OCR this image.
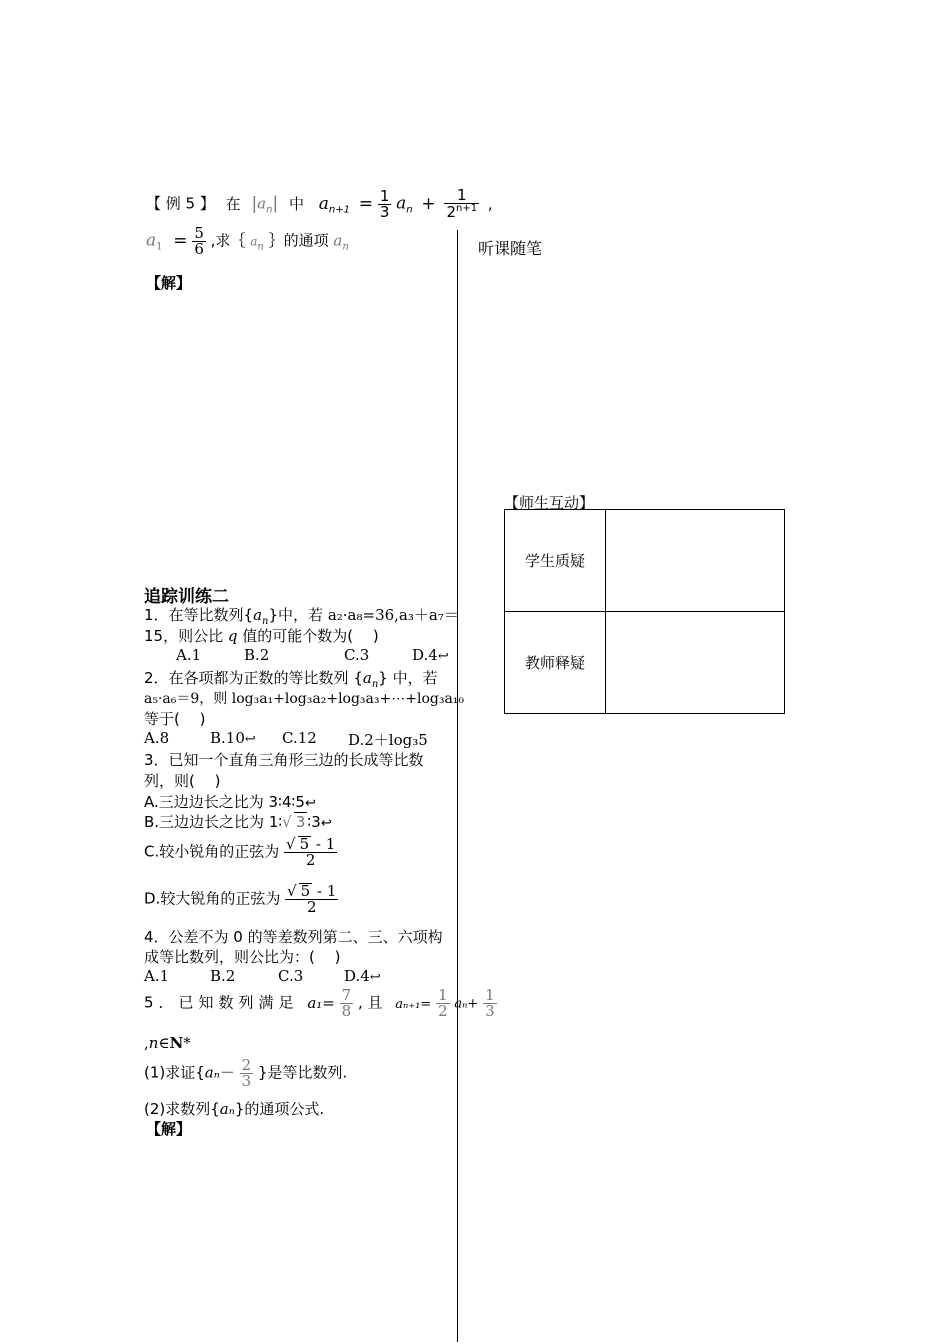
【 例 5 】 在 $|a_n|$ 中 $a_{n+1} = \frac{1}{3} a_n + \frac{1}{2^{n+1}}$ ,
$a_1 = \frac{5}{6}$ ,求｛ $a_n$ ｝的通项 $a_n$
【解】
听课随笔
【师生互动】
学生质疑	
教师释疑	
追踪训练二
1．在等比数列$\{a_n\}$中，若 a₂·a₈=36,a₃＋a₇＝
15，则公比 q 值的可能个数为(　 )
A.1	B.2	C.3	D.4↩
2．在各项都为正数的等比数列 $\{a_n\}$ 中，若
a₅·a₆＝9，则 log₃a₁+log₃a₂+log₃a₃+⋯+log₃a₁₀
等于(　 )
A.8	B.10↩ C.12 D.2＋log₃5
3．已知一个直角三角形三边的长成等比数
列，则(　 )
A.三边边长之比为 3∶4∶5↩
B.三边边长之比为 1∶√ 3 ∶3↩
C.较小锐角的正弦为 $\frac{√ 5 - 1}{2}$
D.较大锐角的正弦为 $\frac{√ 5 - 1}{2}$
4．公差不为 0 的等差数列第二、三、六项构
成等比数列，则公比为：(　 )
A.1	B.2	C.3	D.4↩
5．已知数列满足 $a_1= \frac{7}{8}$ , 且 $a_{n+1}= \frac{1}{2} a_n+ \frac{1}{3}$
,n∈N*
(1)求证{$a_n- \frac{2}{3}$ }是等比数列.
(2)求数列{aₙ}的通项公式.
【解】
